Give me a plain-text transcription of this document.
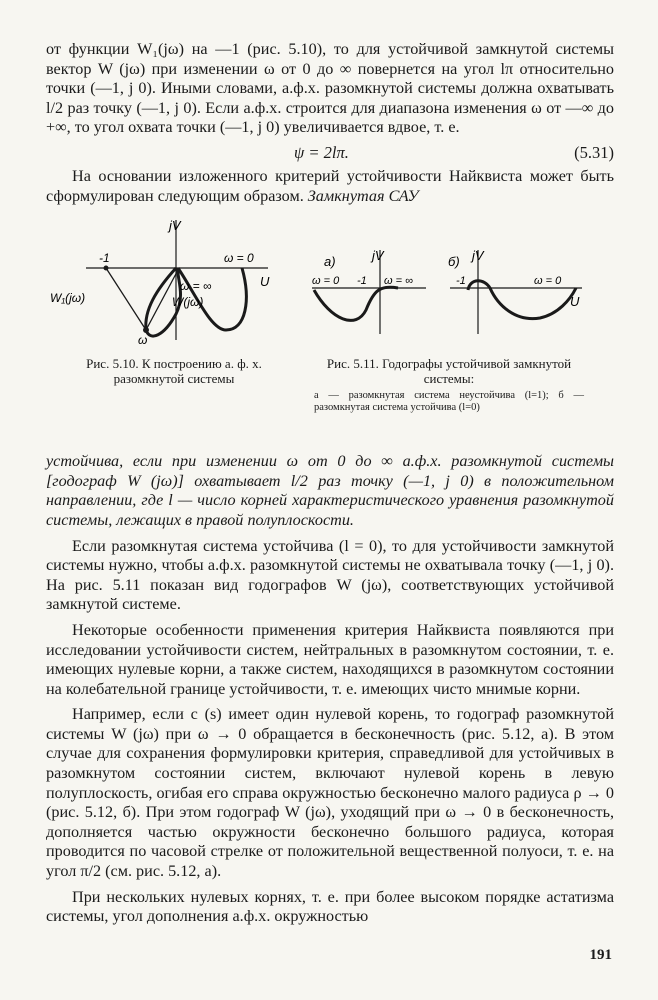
от функции W₁(jω) на —1 (рис. 5.10), то для устойчивой замкнутой системы вектор W (jω) при изменении ω от 0 до ∞ повернется на угол lπ относительно точки (—1, j 0). Иными словами, а.ф.х. разомкнутой системы должна охватывать l/2 раз точку (—1, j 0). Если а.ф.х. строится для диапазона изменения ω от —∞ до +∞, то угол охвата точки (—1, j 0) увеличивается вдвое, т. е.

ψ = 2lπ.	(5.31)

На основании изложенного критерий устойчивости Найквиста может быть сформулирован следующим образом. Замкнутая САУ

jV
-1	ω = 0
U
ω = ∞
W₁(jω)	W(jω)
ω
а)	jV
ω = 0 -1 ω = ∞
б) jV
-1	ω = 0
U
Рис. 5.10. К построению а. ф. х. разомкнутой системы
Рис. 5.11. Годографы устойчивой замкнутой системы:
а — разомкнутая система неустойчива (l=1); б — разомкнутая система устойчива (l=0)

устойчива, если при изменении ω от 0 до ∞ а.ф.х. разомкнутой системы [годограф W (jω)] охватывает l/2 раз точку (—1, j 0) в положительном направлении, где l — число корней характеристического уравнения разомкнутой системы, лежащих в правой полуплоскости.

Если разомкнутая система устойчива (l = 0), то для устойчивости замкнутой системы нужно, чтобы а.ф.х. разомкнутой системы не охватывала точку (—1, j 0). На рис. 5.11 показан вид годографов W (jω), соответствующих устойчивой замкнутой системе.

Некоторые особенности применения критерия Найквиста появляются при исследовании устойчивости систем, нейтральных в разомкнутом состоянии, т. е. имеющих нулевые корни, а также систем, находящихся в разомкнутом состоянии на колебательной границе устойчивости, т. е. имеющих чисто мнимые корни.

Например, если c (s) имеет один нулевой корень, то годограф разомкнутой системы W (jω) при ω → 0 обращается в бесконечность (рис. 5.12, a). В этом случае для сохранения формулировки критерия, справедливой для устойчивых в разомкнутом состоянии систем, включают нулевой корень в левую полуплоскость, огибая его справа окружностью бесконечно малого радиуса ρ → 0 (рис. 5.12, б). При этом годограф W (jω), уходящий при ω → 0 в бесконечность, дополняется частью окружности бесконечно большого радиуса, которая проводится по часовой стрелке от положительной вещественной полуоси, т. е. на угол π/2 (см. рис. 5.12, a).

При нескольких нулевых корнях, т. е. при более высоком порядке астатизма системы, угол дополнения а.ф.х. окружностью

191
